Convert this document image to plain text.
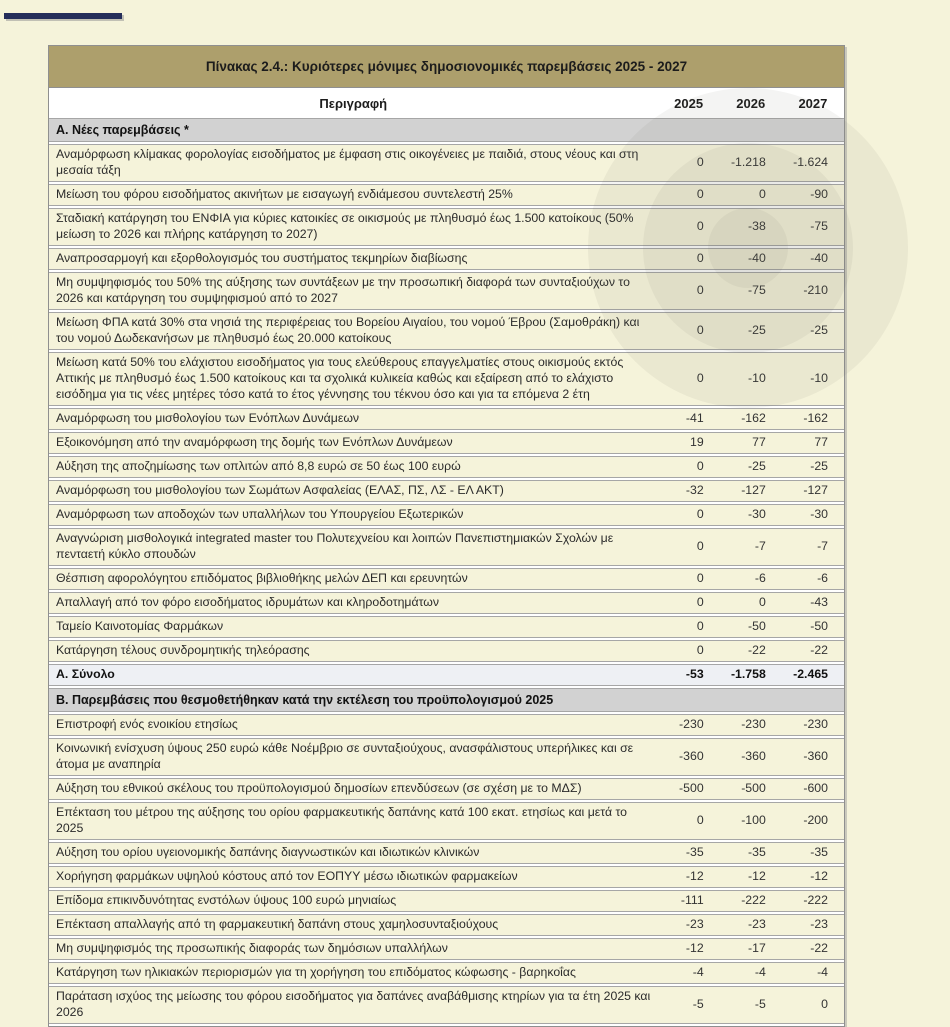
Πίνακας 2.4.: Κυριότερες μόνιμες δημοσιονομικές παρεμβάσεις 2025 - 2027
Περιγραφή	2025	2026	2027
Α. Νέες παρεμβάσεις *			
Αναμόρφωση κλίμακας φορολογίας εισοδήματος με έμφαση στις οικογένειες με παιδιά, στους νέους και στη μεσαία τάξη	0	-1.218	-1.624
Μείωση του φόρου εισοδήματος ακινήτων με εισαγωγή ενδιάμεσου συντελεστή 25%	0	0	-90
Σταδιακή κατάργηση του ΕΝΦΙΑ για κύριες κατοικίες σε οικισμούς με πληθυσμό έως 1.500 κατοίκους (50% μείωση το 2026 και πλήρης κατάργηση το 2027)	0	-38	-75
Αναπροσαρμογή και εξορθολογισμός του συστήματος τεκμηρίων διαβίωσης	0	-40	-40
Μη συμψηφισμός του 50% της αύξησης των συντάξεων με την προσωπική διαφορά των συνταξιούχων το 2026 και κατάργηση του συμψηφισμού από το 2027	0	-75	-210
Μείωση ΦΠΑ κατά 30% στα νησιά της περιφέρειας του Βορείου Αιγαίου, του νομού Έβρου (Σαμοθράκη) και του νομού Δωδεκανήσων με πληθυσμό έως 20.000 κατοίκους	0	-25	-25
Μείωση κατά 50% του ελάχιστου εισοδήματος για τους ελεύθερους επαγγελματίες στους οικισμούς εκτός Αττικής με πληθυσμό έως 1.500 κατοίκους και τα σχολικά κυλικεία καθώς και εξαίρεση από το ελάχιστο εισόδημα για τις νέες μητέρες τόσο κατά το έτος γέννησης του τέκνου όσο και για τα επόμενα 2 έτη	0	-10	-10
Αναμόρφωση του μισθολογίου των Ενόπλων Δυνάμεων	-41	-162	-162
Εξοικονόμηση από την αναμόρφωση της δομής των Ενόπλων Δυνάμεων	19	77	77
Αύξηση της αποζημίωσης των οπλιτών από 8,8 ευρώ σε 50 έως 100 ευρώ	0	-25	-25
Αναμόρφωση του μισθολογίου των Σωμάτων Ασφαλείας (ΕΛΑΣ, ΠΣ, ΛΣ - ΕΛ ΑΚΤ)	-32	-127	-127
Αναμόρφωση των αποδοχών των υπαλλήλων του Υπουργείου Εξωτερικών	0	-30	-30
Αναγνώριση μισθολογικά integrated master του Πολυτεχνείου και λοιπών Πανεπιστημιακών Σχολών με πενταετή κύκλο σπουδών	0	-7	-7
Θέσπιση αφορολόγητου επιδόματος βιβλιοθήκης μελών ΔΕΠ και ερευνητών	0	-6	-6
Απαλλαγή από τον φόρο εισοδήματος ιδρυμάτων και κληροδοτημάτων	0	0	-43
Ταμείο Καινοτομίας Φαρμάκων	0	-50	-50
Κατάργηση τέλους συνδρομητικής τηλεόρασης	0	-22	-22
Α. Σύνολο	-53	-1.758	-2.465
Β. Παρεμβάσεις που θεσμοθετήθηκαν κατά την εκτέλεση του προϋπολογισμού 2025			
Επιστροφή ενός ενοικίου ετησίως	-230	-230	-230
Κοινωνική ενίσχυση ύψους 250 ευρώ κάθε Νοέμβριο σε συνταξιούχους, ανασφάλιστους υπερήλικες και σε άτομα με αναπηρία	-360	-360	-360
Αύξηση του εθνικού σκέλους του προϋπολογισμού δημοσίων επενδύσεων (σε σχέση με το ΜΔΣ)	-500	-500	-600
Επέκταση του μέτρου της αύξησης του ορίου φαρμακευτικής δαπάνης κατά 100 εκατ. ετησίως και μετά το 2025	0	-100	-200
Αύξηση του ορίου υγειονομικής δαπάνης διαγνωστικών και ιδιωτικών κλινικών	-35	-35	-35
Χορήγηση φαρμάκων υψηλού κόστους από τον ΕΟΠΥΥ μέσω ιδιωτικών φαρμακείων	-12	-12	-12
Επίδομα επικινδυνότητας ενστόλων ύψους 100 ευρώ μηνιαίως	-111	-222	-222
Επέκταση απαλλαγής από τη φαρμακευτική δαπάνη στους χαμηλοσυνταξιούχους	-23	-23	-23
Μη συμψηφισμός της προσωπικής διαφοράς των δημόσιων υπαλλήλων	-12	-17	-22
Κατάργηση των ηλικιακών περιορισμών για τη χορήγηση του επιδόματος κώφωσης - βαρηκοΐας	-4	-4	-4
Παράταση ισχύος της μείωσης του φόρου εισοδήματος για δαπάνες αναβάθμισης κτηρίων για τα έτη 2025 και 2026	-5	-5	0
